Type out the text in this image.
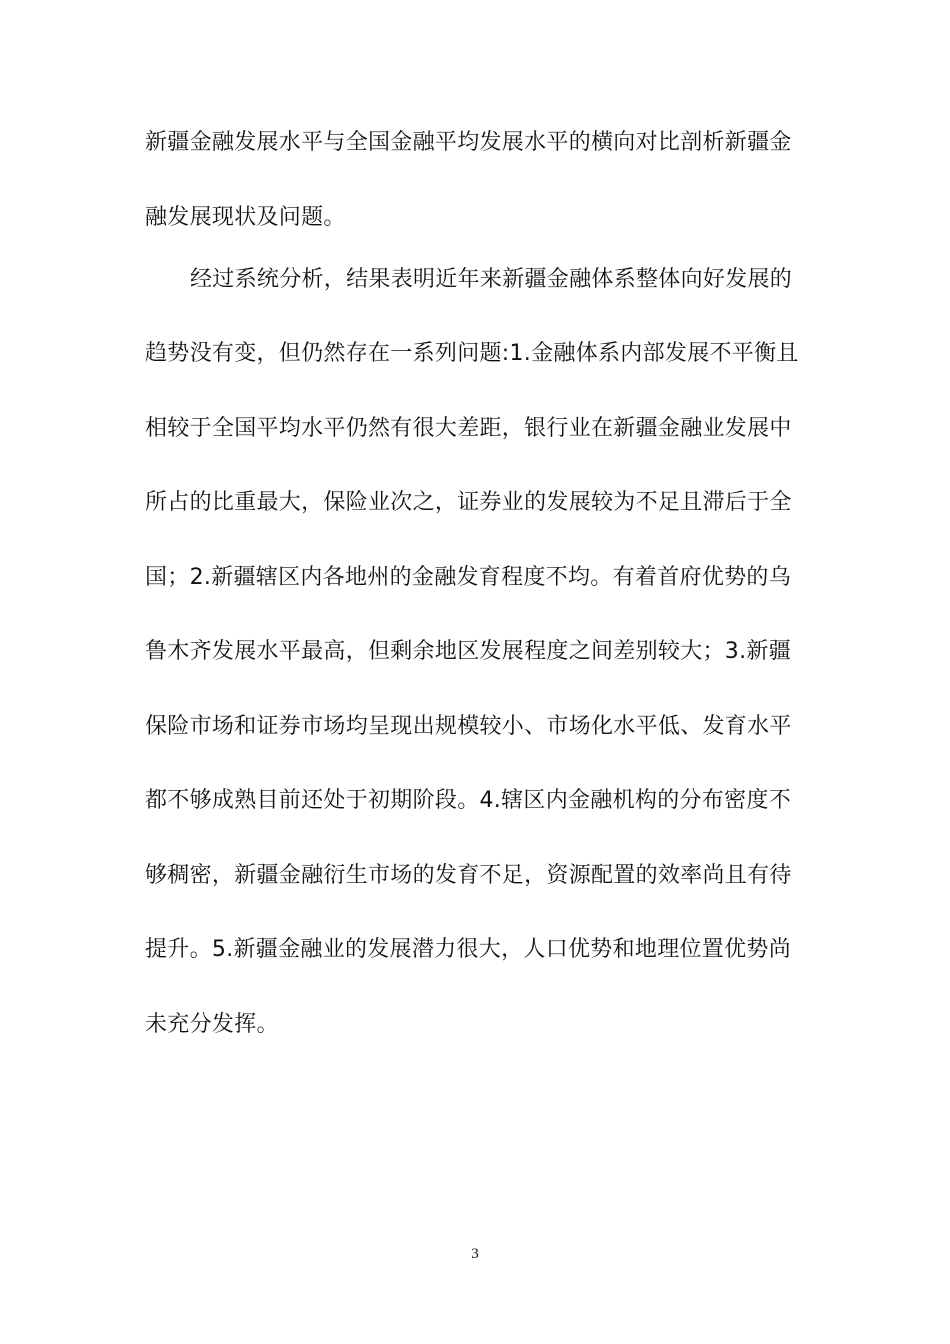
新疆金融发展水平与全国金融平均发展水平的横向对比剖析新疆金
融发展现状及问题。
经过系统分析，结果表明近年来新疆金融体系整体向好发展的
趋势没有变，但仍然存在一系列问题:1.金融体系内部发展不平衡且
相较于全国平均水平仍然有很大差距，银行业在新疆金融业发展中
所占的比重最大，保险业次之，证券业的发展较为不足且滞后于全
国；2.新疆辖区内各地州的金融发育程度不均。有着首府优势的乌
鲁木齐发展水平最高，但剩余地区发展程度之间差别较大；3.新疆
保险市场和证券市场均呈现出规模较小、市场化水平低、发育水平
都不够成熟目前还处于初期阶段。4.辖区内金融机构的分布密度不
够稠密，新疆金融衍生市场的发育不足，资源配置的效率尚且有待
提升。5.新疆金融业的发展潜力很大，人口优势和地理位置优势尚
未充分发挥。
3
